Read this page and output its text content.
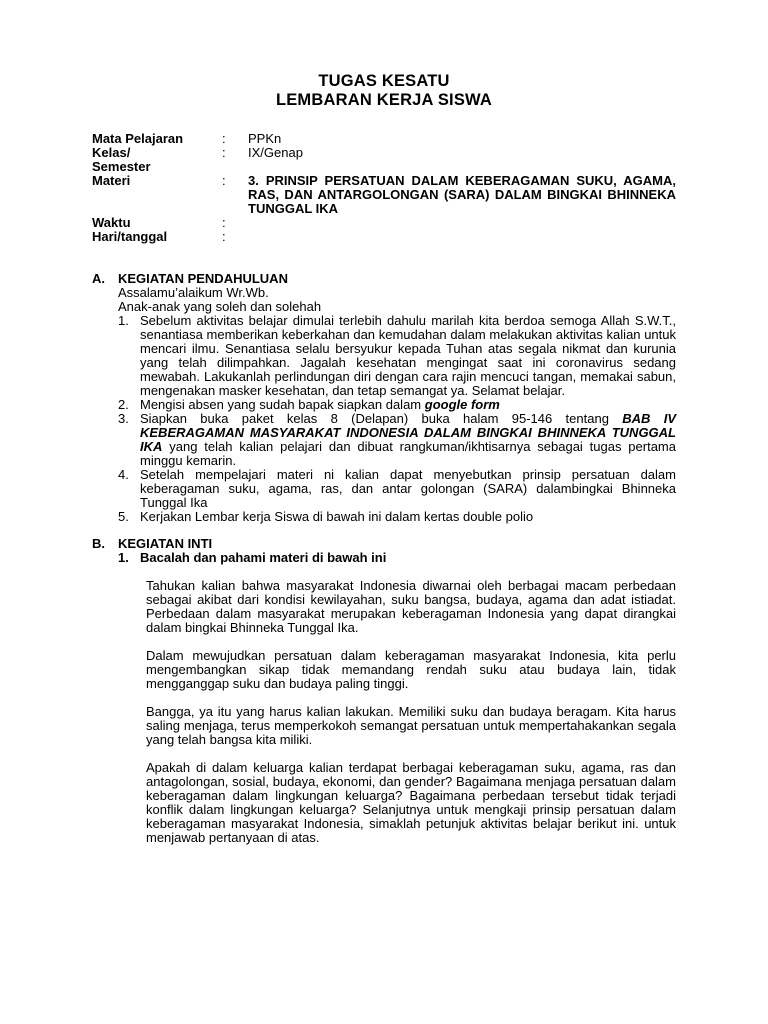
TUGAS KESATU
LEMBARAN KERJA SISWA
Mata Pelajaran	:	PPKn
Kelas/	:	IX/Genap
Semester
Materi	:	3. PRINSIP PERSATUAN DALAM KEBERAGAMAN SUKU, AGAMA, RAS, DAN ANTARGOLONGAN (SARA) DALAM BINGKAI BHINNEKA TUNGGAL IKA
Waktu	:
Hari/tanggal	:
A.	KEGIATAN PENDAHULUAN
Assalamu’alaikum Wr.Wb.
Anak-anak yang soleh dan solehah
1. Sebelum aktivitas belajar dimulai terlebih dahulu marilah kita berdoa semoga Allah S.W.T., senantiasa memberikan keberkahan dan kemudahan dalam melakukan aktivitas kalian untuk mencari ilmu. Senantiasa selalu bersyukur kepada Tuhan atas segala nikmat dan kurunia yang telah dilimpahkan. Jagalah kesehatan mengingat saat ini coronavirus sedang mewabah. Lakukanlah perlindungan diri dengan cara rajin mencuci tangan, memakai sabun, mengenakan masker kesehatan, dan tetap semangat ya. Selamat belajar.
2. Mengisi absen yang sudah bapak siapkan dalam google form
3. Siapkan buka paket kelas 8 (Delapan) buka halam 95-146 tentang BAB IV KEBERAGAMAN MASYARAKAT INDONESIA DALAM BINGKAI BHINNEKA TUNGGAL IKA yang telah kalian pelajari dan dibuat rangkuman/ikhtisarnya sebagai tugas pertama minggu kemarin.
4. Setelah mempelajari materi ni kalian dapat menyebutkan prinsip persatuan dalam keberagaman suku, agama, ras, dan antar golongan (SARA) dalambingkai Bhinneka Tunggal Ika
5. Kerjakan Lembar kerja Siswa di bawah ini dalam kertas double polio
B.	KEGIATAN INTI
1. Bacalah dan pahami materi di bawah ini

Tahukan kalian bahwa masyarakat Indonesia diwarnai oleh berbagai macam perbedaan sebagai akibat dari kondisi kewilayahan, suku bangsa, budaya, agama dan adat istiadat. Perbedaan dalam masyarakat merupakan keberagaman Indonesia yang dapat dirangkai dalam bingkai Bhinneka Tunggal Ika.

Dalam mewujudkan persatuan dalam keberagaman masyarakat Indonesia, kita perlu mengembangkan sikap tidak memandang rendah suku atau budaya lain, tidak mengganggap suku dan budaya paling tinggi.

Bangga, ya itu yang harus kalian lakukan. Memiliki suku dan budaya beragam. Kita harus saling menjaga, terus memperkokoh semangat persatuan untuk mempertahakankan segala yang telah bangsa kita miliki.

Apakah di dalam keluarga kalian terdapat berbagai keberagaman suku, agama, ras dan antagolongan, sosial, budaya, ekonomi, dan gender? Bagaimana menjaga persatuan dalam keberagaman dalam lingkungan keluarga? Bagaimana perbedaan tersebut tidak terjadi konflik dalam lingkungan keluarga? Selanjutnya untuk mengkaji prinsip persatuan dalam keberagaman masyarakat Indonesia, simaklah petunjuk aktivitas belajar berikut ini. untuk menjawab pertanyaan di atas.
